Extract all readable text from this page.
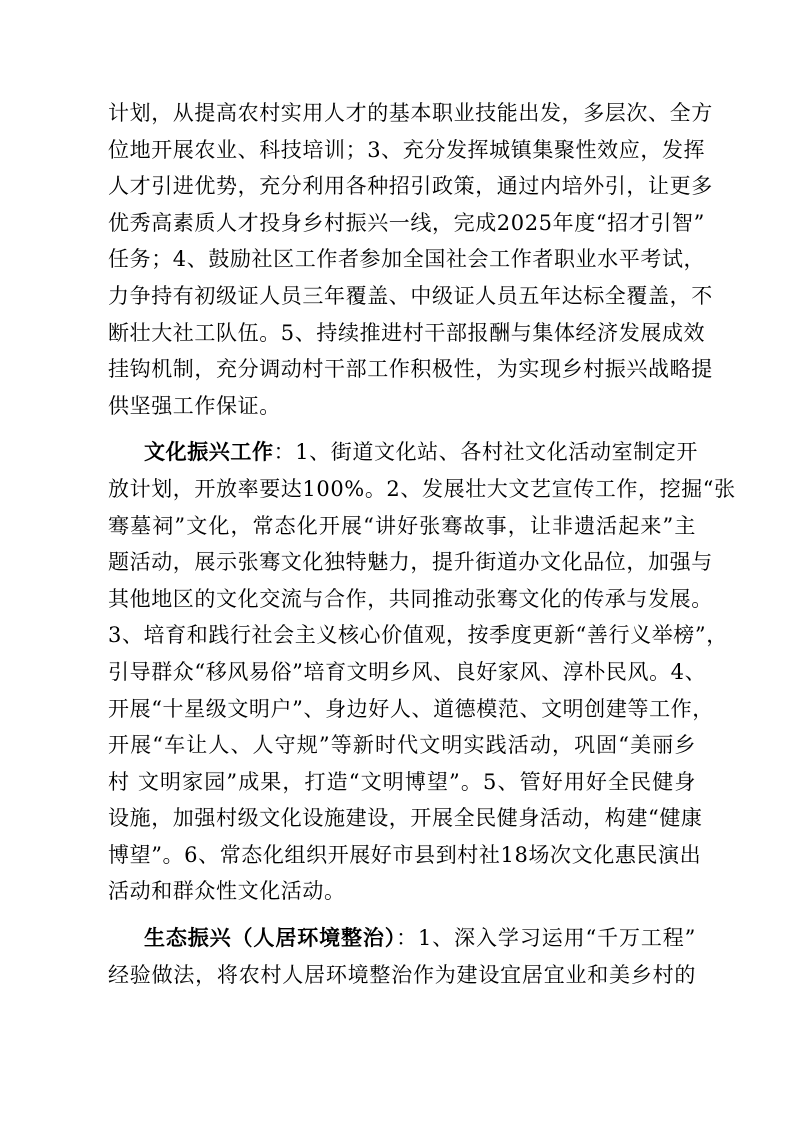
计划，从提高农村实用人才的基本职业技能出发，多层次、全方
位地开展农业、科技培训；3、充分发挥城镇集聚性效应，发挥
人才引进优势，充分利用各种招引政策，通过内培外引，让更多
优秀高素质人才投身乡村振兴一线，完成2025年度“招才引智”
任务；4、鼓励社区工作者参加全国社会工作者职业水平考试，
力争持有初级证人员三年覆盖、中级证人员五年达标全覆盖，不
断壮大社工队伍。5、持续推进村干部报酬与集体经济发展成效
挂钩机制，充分调动村干部工作积极性，为实现乡村振兴战略提
供坚强工作保证。
文化振兴工作：1、街道文化站、各村社文化活动室制定开
放计划，开放率要达100%。2、发展壮大文艺宣传工作，挖掘“张
骞墓祠”文化，常态化开展“讲好张骞故事，让非遗活起来”主
题活动，展示张骞文化独特魅力，提升街道办文化品位，加强与
其他地区的文化交流与合作，共同推动张骞文化的传承与发展。
3、培育和践行社会主义核心价值观，按季度更新“善行义举榜”，
引导群众“移风易俗”培育文明乡风、良好家风、淳朴民风。4、
开展“十星级文明户”、身边好人、道德模范、文明创建等工作，
开展“车让人、人守规”等新时代文明实践活动，巩固“美丽乡
村 文明家园”成果，打造“文明博望”。5、管好用好全民健身
设施，加强村级文化设施建设，开展全民健身活动，构建“健康
博望”。6、常态化组织开展好市县到村社18场次文化惠民演出
活动和群众性文化活动。
生态振兴（人居环境整治）：1、深入学习运用“千万工程”
经验做法，将农村人居环境整治作为建设宜居宜业和美乡村的
